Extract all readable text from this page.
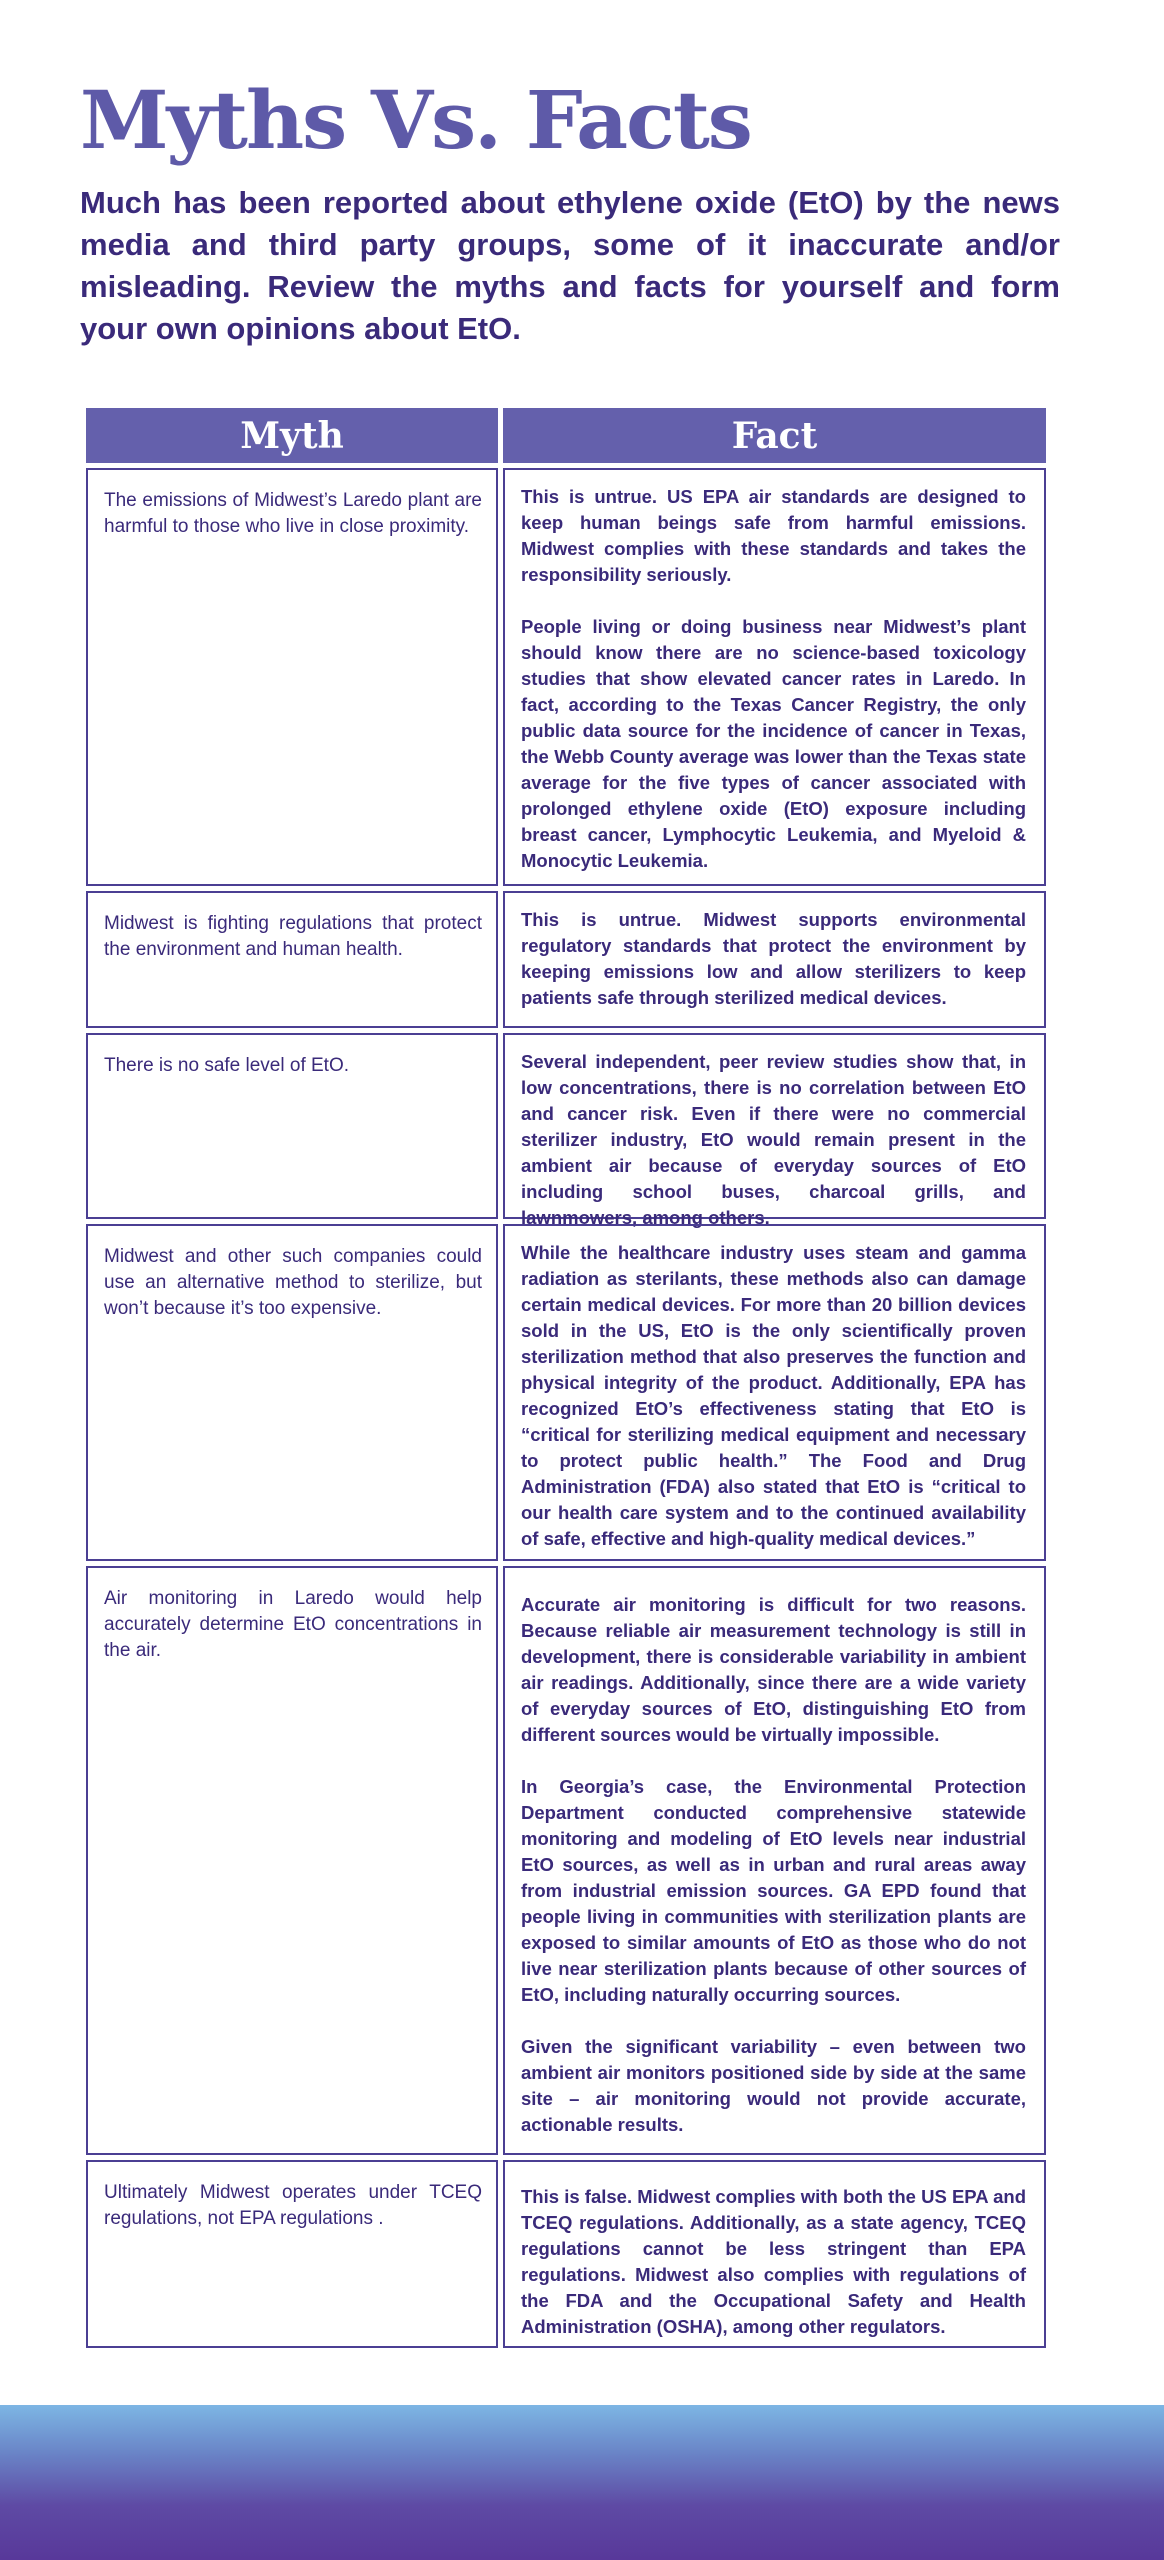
Myths Vs. Facts

Much has been reported about ethylene oxide (EtO) by the news media and third party groups, some of it inaccurate and/or misleading. Review the myths and facts for yourself and form your own opinions about EtO.

Myth	Fact

The emissions of Midwest’s Laredo plant are harmful to those who live in close proximity.

This is untrue. US EPA air standards are designed to keep human beings safe from harmful emissions. Midwest complies with these standards and takes the responsibility seriously.

People living or doing business near Midwest’s plant should know there are no science-based toxicology studies that show elevated cancer rates in Laredo. In fact, according to the Texas Cancer Registry, the only public data source for the incidence of cancer in Texas, the Webb County average was lower than the Texas state average for the five types of cancer associated with prolonged ethylene oxide (EtO) exposure including breast cancer, Lymphocytic Leukemia, and Myeloid & Monocytic Leukemia.

Midwest is fighting regulations that protect the environment and human health.

This is untrue. Midwest supports environmental regulatory standards that protect the environment by keeping emissions low and allow sterilizers to keep patients safe through sterilized medical devices.

There is no safe level of EtO.	Several independent, peer review studies show that, in low concentrations, there is no correlation between EtO and cancer risk. Even if there were no commercial sterilizer industry, EtO would remain present in the ambient air because of everyday sources of EtO including school buses, charcoal grills, and lawnmowers, among others.

Midwest and other such companies could use an alternative method to sterilize, but won’t because it’s too expensive.

While the healthcare industry uses steam and gamma radiation as sterilants, these methods also can damage certain medical devices. For more than 20 billion devices sold in the US, EtO is the only scientifically proven sterilization method that also preserves the function and physical integrity of the product. Additionally, EPA has recognized EtO’s effectiveness stating that EtO is “critical for sterilizing medical equipment and necessary to protect public health.” The Food and Drug Administration (FDA) also stated that EtO is “critical to our health care system and to the continued availability of safe, effective and high-quality medical devices.”

Air monitoring in Laredo would help accurately determine EtO concentrations in the air.

Accurate air monitoring is difficult for two reasons. Because reliable air measurement technology is still in development, there is considerable variability in ambient air readings. Additionally, since there are a wide variety of everyday sources of EtO, distinguishing EtO from different sources would be virtually impossible.

In Georgia’s case, the Environmental Protection Department conducted comprehensive statewide monitoring and modeling of EtO levels near industrial EtO sources, as well as in urban and rural areas away from industrial emission sources. GA EPD found that people living in communities with sterilization plants are exposed to similar amounts of EtO as those who do not live near sterilization plants because of other sources of EtO, including naturally occurring sources.

Given the significant variability – even between two ambient air monitors positioned side by side at the same site – air monitoring would not provide accurate, actionable results.

Ultimately Midwest operates under TCEQ regulations, not EPA regulations .

This is false. Midwest complies with both the US EPA and TCEQ regulations. Additionally, as a state agency, TCEQ regulations cannot be less stringent than EPA regulations. Midwest also complies with regulations of the FDA and the Occupational Safety and Health Administration (OSHA), among other regulators.
